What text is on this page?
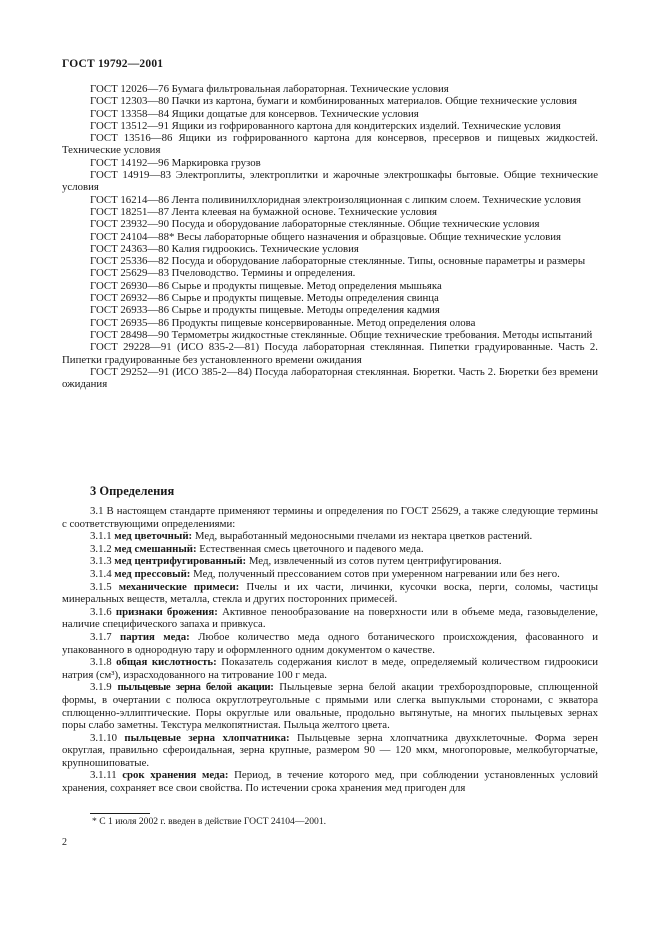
ГОСТ 19792—2001
ГОСТ 12026—76 Бумага фильтровальная лабораторная. Технические условия
ГОСТ 12303—80 Пачки из картона, бумаги и комбинированных материалов. Общие технические условия
ГОСТ 13358—84 Ящики дощатые для консервов. Технические условия
ГОСТ 13512—91 Ящики из гофрированного картона для кондитерских изделий. Технические условия
ГОСТ 13516—86 Ящики из гофрированного картона для консервов, пресервов и пищевых жидкостей. Технические условия
ГОСТ 14192—96 Маркировка грузов
ГОСТ 14919—83 Электроплиты, электроплитки и жарочные электрошкафы бытовые. Общие технические условия
ГОСТ 16214—86 Лента поливинилхлоридная электроизоляционная с липким слоем. Технические условия
ГОСТ 18251—87 Лента клеевая на бумажной основе. Технические условия
ГОСТ 23932—90 Посуда и оборудование лабораторные стеклянные. Общие технические условия
ГОСТ 24104—88* Весы лабораторные общего назначения и образцовые. Общие технические условия
ГОСТ 24363—80 Калия гидроокись. Технические условия
ГОСТ 25336—82 Посуда и оборудование лабораторные стеклянные. Типы, основные параметры и размеры
ГОСТ 25629—83 Пчеловодство. Термины и определения.
ГОСТ 26930—86 Сырье и продукты пищевые. Метод определения мышьяка
ГОСТ 26932—86 Сырье и продукты пищевые. Методы определения свинца
ГОСТ 26933—86 Сырье и продукты пищевые. Методы определения кадмия
ГОСТ 26935—86 Продукты пищевые консервированные. Метод определения олова
ГОСТ 28498—90 Термометры жидкостные стеклянные. Общие технические требования. Методы испытаний
ГОСТ 29228—91 (ИСО 835-2—81) Посуда лабораторная стеклянная. Пипетки градуированные. Часть 2. Пипетки градуированные без установленного времени ожидания
ГОСТ 29252—91 (ИСО 385-2—84) Посуда лабораторная стеклянная. Бюретки. Часть 2. Бюретки без времени ожидания
3 Определения
3.1 В настоящем стандарте применяют термины и определения по ГОСТ 25629, а также следующие термины с соответствующими определениями:
3.1.1 мед цветочный: Мед, выработанный медоносными пчелами из нектара цветков растений.
3.1.2 мед смешанный: Естественная смесь цветочного и падевого меда.
3.1.3 мед центрифугированный: Мед, извлеченный из сотов путем центрифугирования.
3.1.4 мед прессовый: Мед, полученный прессованием сотов при умеренном нагревании или без него.
3.1.5 механические примеси: Пчелы и их части, личинки, кусочки воска, перги, соломы, частицы минеральных веществ, металла, стекла и других посторонних примесей.
3.1.6 признаки брожения: Активное пенообразование на поверхности или в объеме меда, газовыделение, наличие специфического запаха и привкуса.
3.1.7 партия меда: Любое количество меда одного ботанического происхождения, фасованного и упакованного в однородную тару и оформленного одним документом о качестве.
3.1.8 общая кислотность: Показатель содержания кислот в меде, определяемый количеством гидроокиси натрия (см³), израсходованного на титрование 100 г меда.
3.1.9 пыльцевые зерна белой акации: Пыльцевые зерна белой акации трехбороздпоровые, сплющенной формы, в очертании с полюса округлотреугольные с прямыми или слегка выпуклыми сторонами, с экватора сплющенно-эллиптические. Поры округлые или овальные, продольно вытянутые, на многих пыльцевых зернах поры слабо заметны. Текстура мелкопятнистая. Пыльца желтого цвета.
3.1.10 пыльцевые зерна хлопчатника: Пыльцевые зерна хлопчатника двухклеточные. Форма зерен округлая, правильно сфероидальная, зерна крупные, размером 90 — 120 мкм, многопоровые, мелкобугорчатые, крупношиповатые.
3.1.11 срок хранения меда: Период, в течение которого мед, при соблюдении установленных условий хранения, сохраняет все свои свойства. По истечении срока хранения мед пригоден для
* С 1 июля 2002 г. введен в действие ГОСТ 24104—2001.
2
